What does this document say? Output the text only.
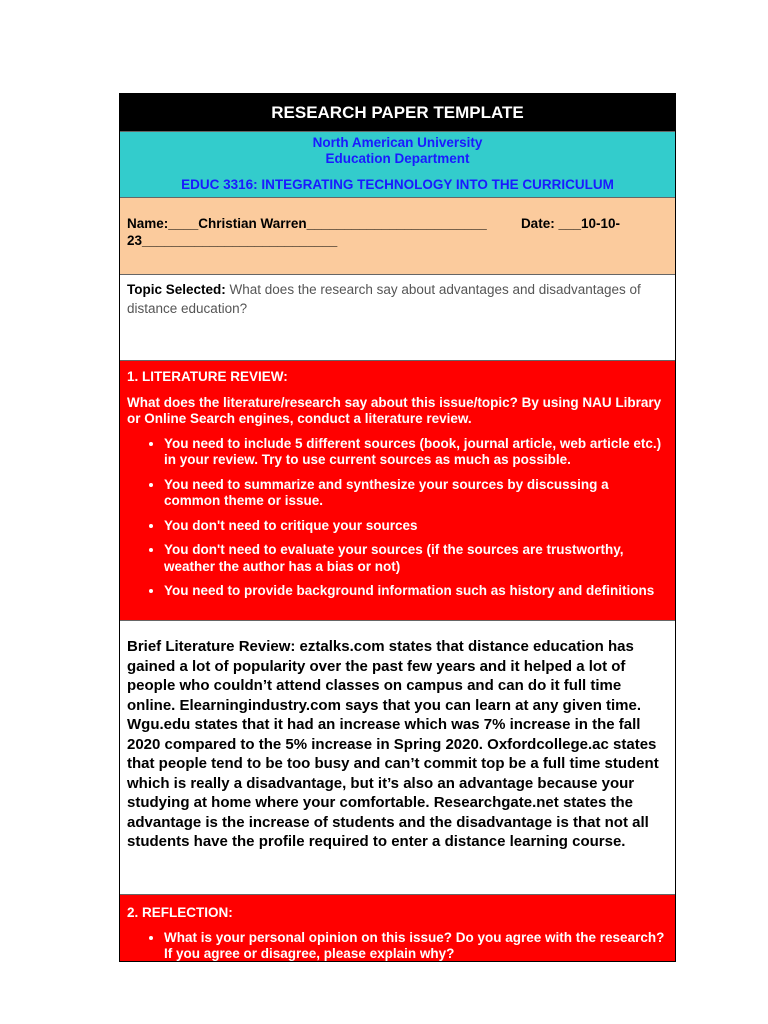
RESEARCH PAPER TEMPLATE
North American University
Education Department
EDUC 3316: INTEGRATING TECHNOLOGY INTO THE CURRICULUM
Name:____Christian Warren________________________	Date: ___10-10-
23__________________________
Topic Selected: What does the research say about advantages and disadvantages of distance education?
1. LITERATURE REVIEW:
What does the literature/research say about this issue/topic? By using NAU Library or Online Search engines, conduct a literature review.
• You need to include 5 different sources (book, journal article, web article etc.) in your review. Try to use current sources as much as possible.
• You need to summarize and synthesize your sources by discussing a common theme or issue.
• You don't need to critique your sources
• You don't need to evaluate your sources (if the sources are trustworthy, weather the author has a bias or not)
• You need to provide background information such as history and definitions
Brief Literature Review: eztalks.com states that distance education has gained a lot of popularity over the past few years and it helped a lot of people who couldn’t attend classes on campus and can do it full time online. Elearningindustry.com says that you can learn at any given time. Wgu.edu states that it had an increase which was 7% increase in the fall 2020 compared to the 5% increase in Spring 2020. Oxfordcollege.ac states that people tend to be too busy and can’t commit top be a full time student which is really a disadvantage, but it’s also an advantage because your studying at home where your comfortable. Researchgate.net states the advantage is the increase of students and the disadvantage is that not all students have the profile required to enter a distance learning course.
2. REFLECTION:
• What is your personal opinion on this issue? Do you agree with the research? If you agree or disagree, please explain why?
